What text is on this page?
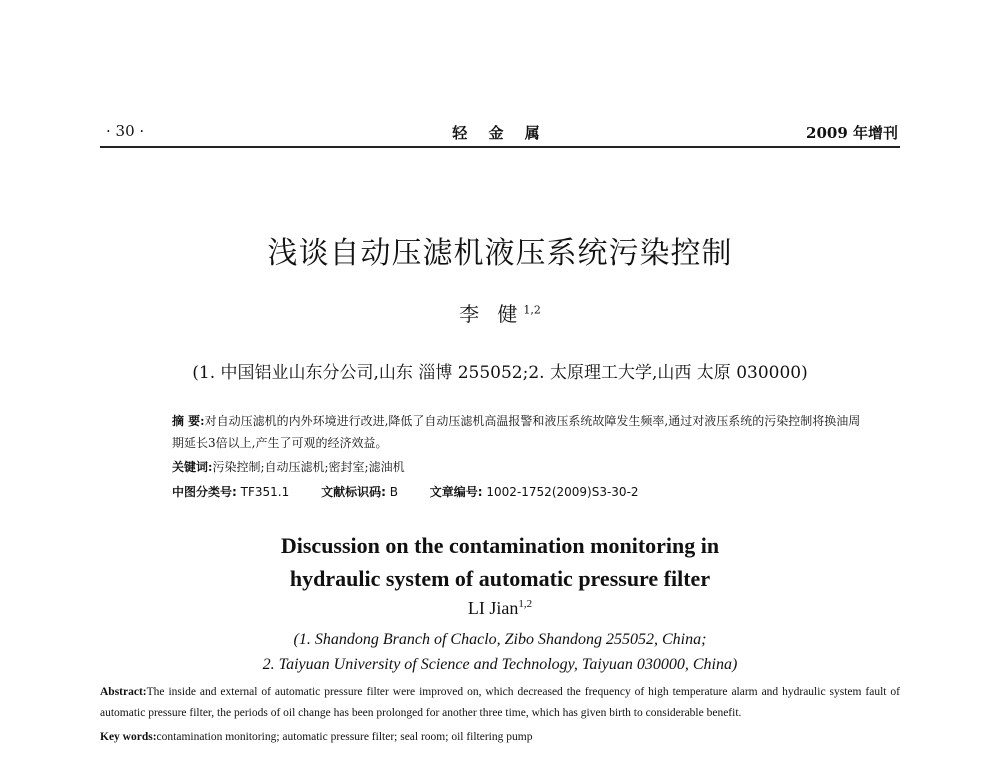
· 30 ·	轻 金 属	2009 年增刊
浅谈自动压滤机液压系统污染控制
李 健$^{1,2}$
(1. 中国铝业山东分公司,山东 淄博 255052;2. 太原理工大学,山西 太原 030000)
摘 要:对自动压滤机的内外环境进行改进,降低了自动压滤机高温报警和液压系统故障发生频率,通过对液压系统的污染控制将换油周期延长3倍以上,产生了可观的经济效益。
关键词:污染控制;自动压滤机;密封室;滤油机
中图分类号: TF351.1	文献标识码: B	文章编号: 1002-1752(2009)S3-30-2
Discussion on the contamination monitoring in
hydraulic system of automatic pressure filter
LI Jian$^{1,2}$
(1. Shandong Branch of Chaclo, Zibo Shandong 255052, China;
2. Taiyuan University of Science and Technology, Taiyuan 030000, China)
Abstract:The inside and external of automatic pressure filter were improved on, which decreased the frequency of high temperature alarm and hydraulic system fault of automatic pressure filter, the periods of oil change has been prolonged for another three time, which has given birth to considerable benefit.
Key words:contamination monitoring; automatic pressure filter; seal room; oil filtering pump
